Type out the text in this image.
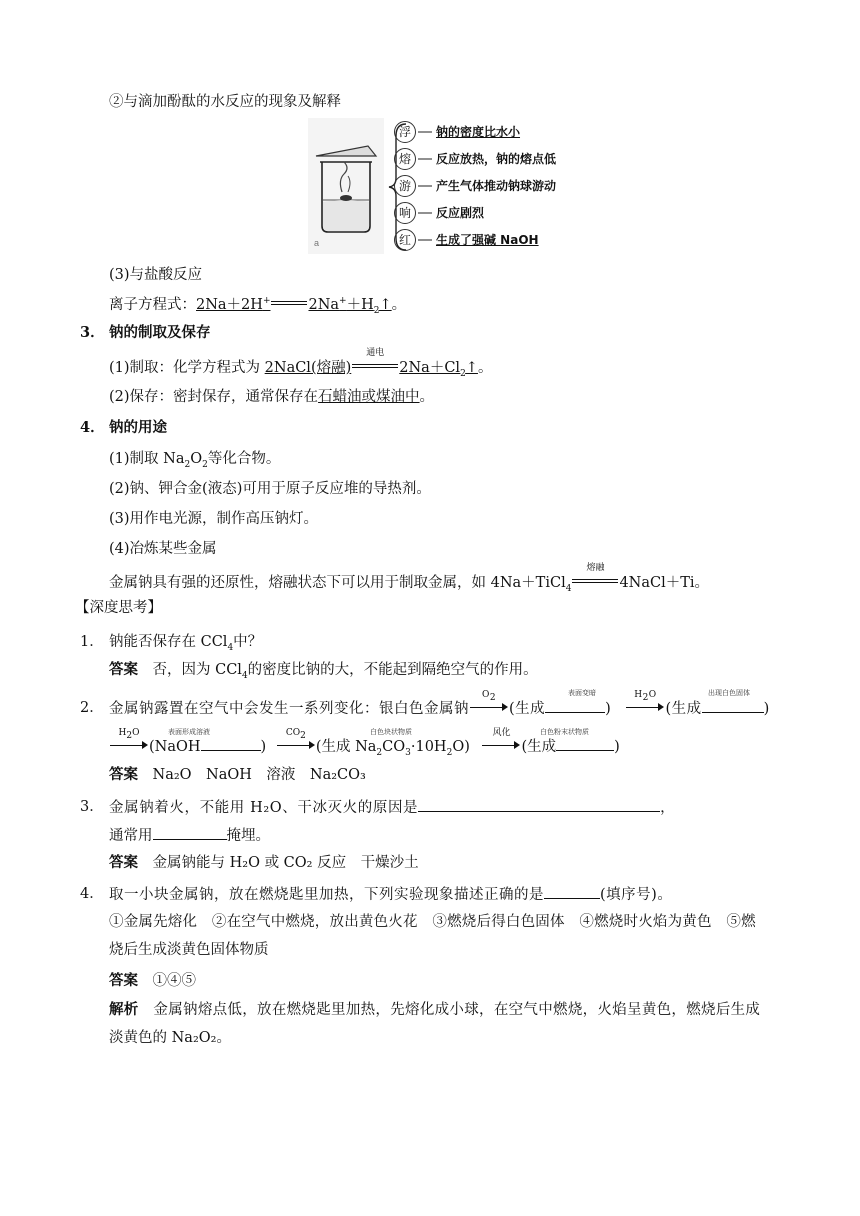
②与滴加酚酞的水反应的现象及解释
a
浮
熔
游
响
红
钠的密度比水小
反应放热，钠的熔点低
产生气体推动钠球游动
反应剧烈
生成了强碱 NaOH
(3)与盐酸反应
离子方程式：2Na＋2H+	$2Na^++H_2↑$。
3． 钠的制取及保存
(1)制取：化学方程式为 2NaCl(熔融)
通电
$2Na+Cl_2↑$。
(2)保存：密封保存，通常保存在石蜡油或煤油中。
4． 钠的用途
(1)制取 $Na_2O_2$等化合物。
(2)钠、钾合金(液态)可用于原子反应堆的导热剂。
(3)用作电光源，制作高压钠灯。
(4)冶炼某些金属
金属钠具有强的还原性，熔融状态下可以用于制取金属，如 4Na＋TiCl$_4$
熔融
4NaCl＋Ti。
【深度思考】
1． 钠能否保存在 CCl$_4$中？
答案　 否，因为 CCl$_4$的密度比钠的大，不能起到隔绝空气的作用。
2． 金属钠露置在空气中会发生一系列变化：银白色金属钠
$O_2$
(生成	)
$H_2O$
(生成	)
表面变暗	出现白色固体
$H_2O$
(NaOH	)
$CO_2$
(生成 $Na_2CO_3\cdot 10H_2O$)
风化
(生成	)
表面形成溶液	白色块状物质	白色粉末状物质
答案　 Na₂O　NaOH　溶液　Na₂CO₃
3． 金属钠着火，不能用 H₂O、干冰灭火的原因是	，
通常用	掩埋。
答案　 金属钠能与 H₂O 或 CO₂ 反应　干燥沙土
4． 取一小块金属钠，放在燃烧匙里加热，下列实验现象描述正确的是	(填序号)。
①金属先熔化　②在空气中燃烧，放出黄色火花　③燃烧后得白色固体　④燃烧时火焰为黄色　⑤燃
烧后生成淡黄色固体物质
答案　 ①④⑤
解析　 金属钠熔点低，放在燃烧匙里加热，先熔化成小球，在空气中燃烧，火焰呈黄色，燃烧后生成
淡黄色的 Na₂O₂。
